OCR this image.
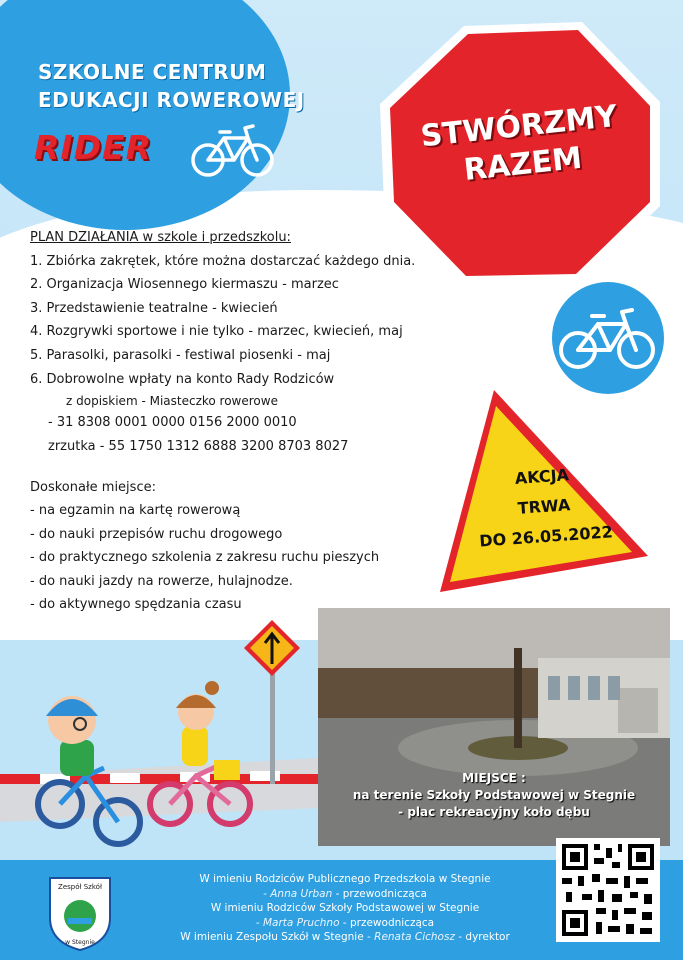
SZKOLNE CENTRUM
EDUKACJI ROWEROWEJ
RIDER	STWÓRZMY
RAZEM
PLAN DZIAŁANIA w szkole i przedszkolu:
1. Zbiórka zakrętek, które można dostarczać każdego dnia.
2. Organizacja Wiosennego kiermaszu - marzec
3. Przedstawienie teatralne - kwiecień
4. Rozgrywki sportowe i nie tylko - marzec, kwiecień, maj
5. Parasolki, parasolki - festiwal piosenki - maj
6. Dobrowolne wpłaty na konto Rady Rodziców
z dopiskiem - Miasteczko rowerowe
- 31 8308 0001 0000 0156 2000 0010
zrzutka - 55 1750 1312 6888 3200 8703 8027
AKCJA
TRWA
DO 26.05.2022
Doskonałe miejsce:
- na egzamin na kartę rowerową
- do nauki przepisów ruchu drogowego
- do praktycznego szkolenia z zakresu ruchu pieszych
- do nauki jazdy na rowerze, hulajnodze.
- do aktywnego spędzania czasu
MIEJSCE :
na terenie Szkoły Podstawowej w Stegnie
- plac rekreacyjny koło dębu
Zespół Szkół
w Stegnie
W imieniu Rodziców Publicznego Przedszkola w Stegnie
- Anna Urban - przewodnicząca
W imieniu Rodziców Szkoły Podstawowej w Stegnie
- Marta Pruchno - przewodnicząca
W imieniu Zespołu Szkół w Stegnie - Renata Cichosz - dyrektor
